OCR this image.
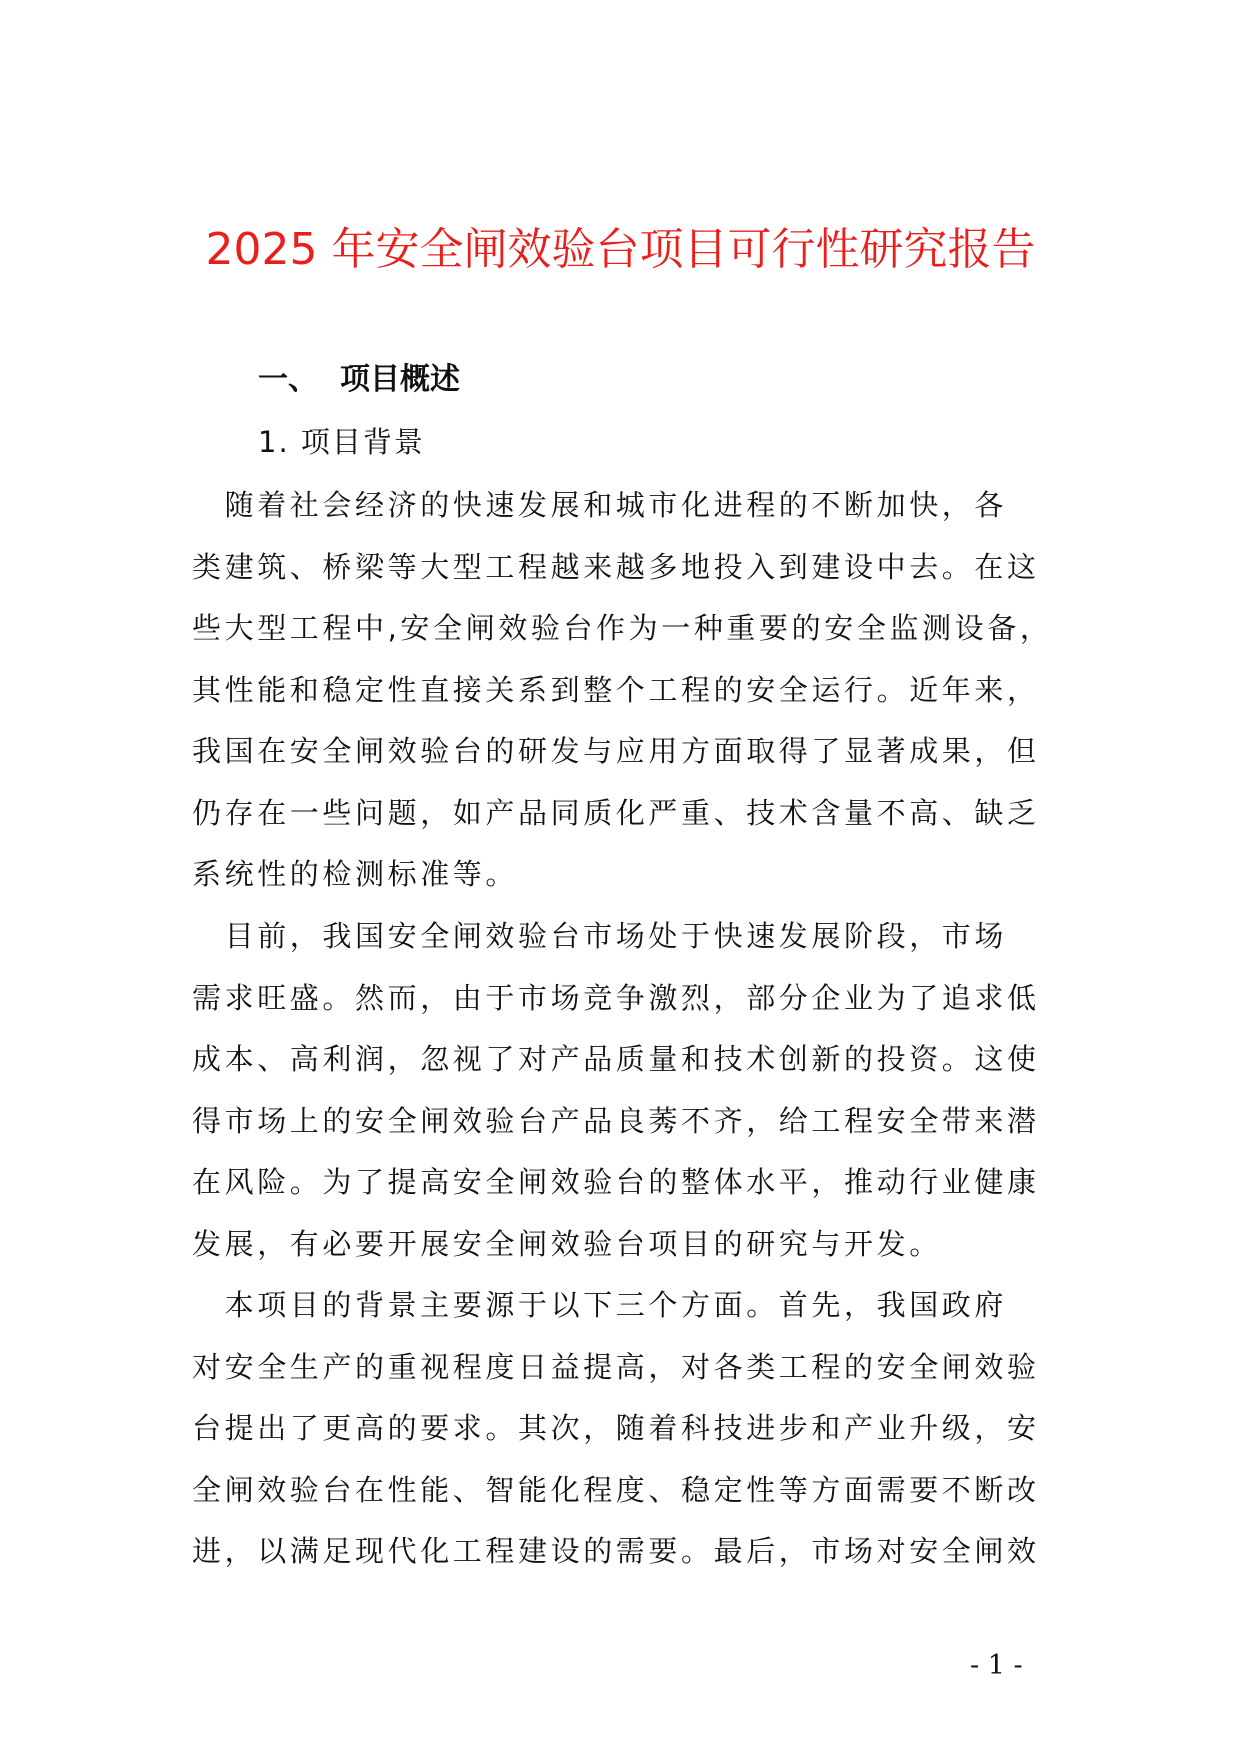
2025 年安全闸效验台项目可行性研究报告
一、 项目概述
1. 项目背景
　随着社会经济的快速发展和城市化进程的不断加快，各
类建筑、桥梁等大型工程越来越多地投入到建设中去。在这
些大型工程中,安全闸效验台作为一种重要的安全监测设备，
其性能和稳定性直接关系到整个工程的安全运行。近年来，
我国在安全闸效验台的研发与应用方面取得了显著成果，但
仍存在一些问题，如产品同质化严重、技术含量不高、缺乏
系统性的检测标准等。
　目前，我国安全闸效验台市场处于快速发展阶段，市场
需求旺盛。然而，由于市场竞争激烈，部分企业为了追求低
成本、高利润，忽视了对产品质量和技术创新的投资。这使
得市场上的安全闸效验台产品良莠不齐，给工程安全带来潜
在风险。为了提高安全闸效验台的整体水平，推动行业健康
发展，有必要开展安全闸效验台项目的研究与开发。
　本项目的背景主要源于以下三个方面。首先，我国政府
对安全生产的重视程度日益提高，对各类工程的安全闸效验
台提出了更高的要求。其次，随着科技进步和产业升级，安
全闸效验台在性能、智能化程度、稳定性等方面需要不断改
进，以满足现代化工程建设的需要。最后，市场对安全闸效
- 1 -
